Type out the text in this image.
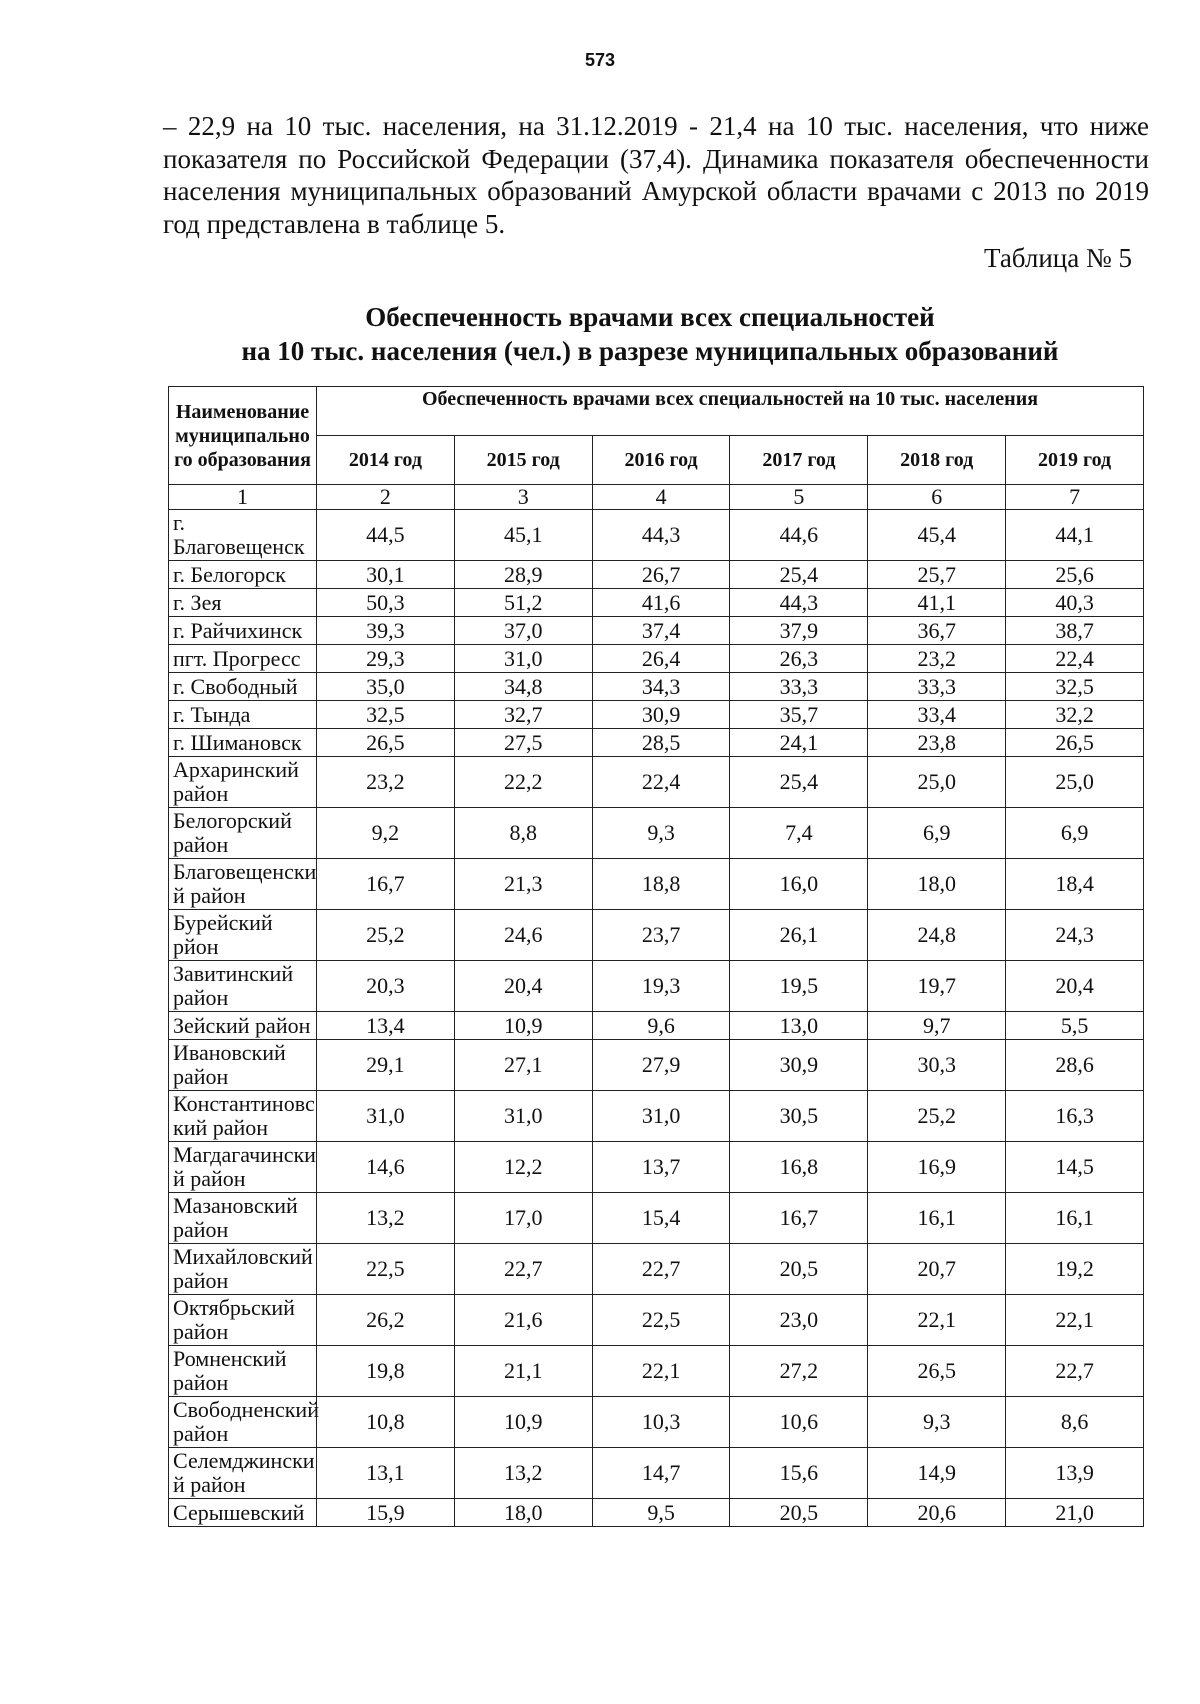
573

– 22,9 на 10 тыс. населения, на 31.12.2019 - 21,4 на 10 тыс. населения, что ниже показателя по Российской Федерации (37,4). Динамика показателя обеспеченности населения муниципальных образований Амурской области врачами с 2013 по 2019 год представлена в таблице 5.

Таблица № 5
Обеспеченность врачами всех специальностей
на 10 тыс. населения (чел.) в разрезе муниципальных образований
Наименование муниципально го образования	Обеспеченность врачами всех специальностей на 10 тыс. населения					
	2014 год	2015 год	2016 год	2017 год	2018 год	2019 год
1	2	3	4	5	6	7
г. Благовещенск	44,5	45,1	44,3	44,6	45,4	44,1
г. Белогорск	30,1	28,9	26,7	25,4	25,7	25,6
г. Зея	50,3	51,2	41,6	44,3	41,1	40,3
г. Райчихинск	39,3	37,0	37,4	37,9	36,7	38,7
пгт. Прогресс	29,3	31,0	26,4	26,3	23,2	22,4
г. Свободный	35,0	34,8	34,3	33,3	33,3	32,5
г. Тында	32,5	32,7	30,9	35,7	33,4	32,2
г. Шимановск	26,5	27,5	28,5	24,1	23,8	26,5
Архаринский район	23,2	22,2	22,4	25,4	25,0	25,0
Белогорский район	9,2	8,8	9,3	7,4	6,9	6,9
Благовещенски й район	16,7	21,3	18,8	16,0	18,0	18,4
Бурейский рйон	25,2	24,6	23,7	26,1	24,8	24,3
Завитинский район	20,3	20,4	19,3	19,5	19,7	20,4
Зейский район	13,4	10,9	9,6	13,0	9,7	5,5
Ивановский район	29,1	27,1	27,9	30,9	30,3	28,6
Константиновс кий район	31,0	31,0	31,0	30,5	25,2	16,3
Магдагачински й район	14,6	12,2	13,7	16,8	16,9	14,5
Мазановский район	13,2	17,0	15,4	16,7	16,1	16,1
Михайловский район	22,5	22,7	22,7	20,5	20,7	19,2
Октябрьский район	26,2	21,6	22,5	23,0	22,1	22,1
Ромненский район	19,8	21,1	22,1	27,2	26,5	22,7
Свободненский район	10,8	10,9	10,3	10,6	9,3	8,6
Селемджински й район	13,1	13,2	14,7	15,6	14,9	13,9
Серышевский	15,9	18,0	9,5	20,5	20,6	21,0
